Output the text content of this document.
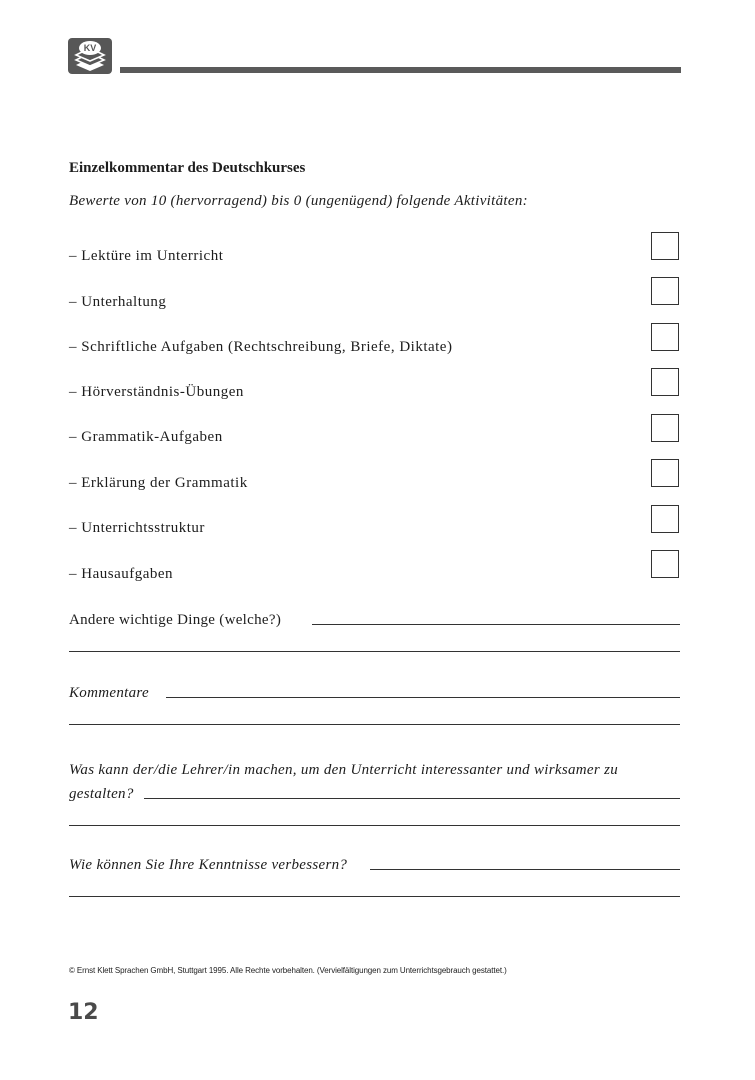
KV
Einzelkommentar des Deutschkurses
Bewerte von 10 (hervorragend) bis 0 (ungenügend) folgende Aktivitäten:
– Lektüre im Unterricht
– Unterhaltung
– Schriftliche Aufgaben (Rechtschreibung, Briefe, Diktate)
– Hörverständnis-Übungen
– Grammatik-Aufgaben
– Erklärung der Grammatik
– Unterrichtsstruktur
– Hausaufgaben
Andere wichtige Dinge (welche?)
Kommentare
Was kann der/die Lehrer/in machen, um den Unterricht interessanter und wirksamer zu
gestalten?
Wie können Sie Ihre Kenntnisse verbessern?
© Ernst Klett Sprachen GmbH, Stuttgart 1995. Alle Rechte vorbehalten. (Vervielfältigungen zum Unterrichtsgebrauch gestattet.)
12
